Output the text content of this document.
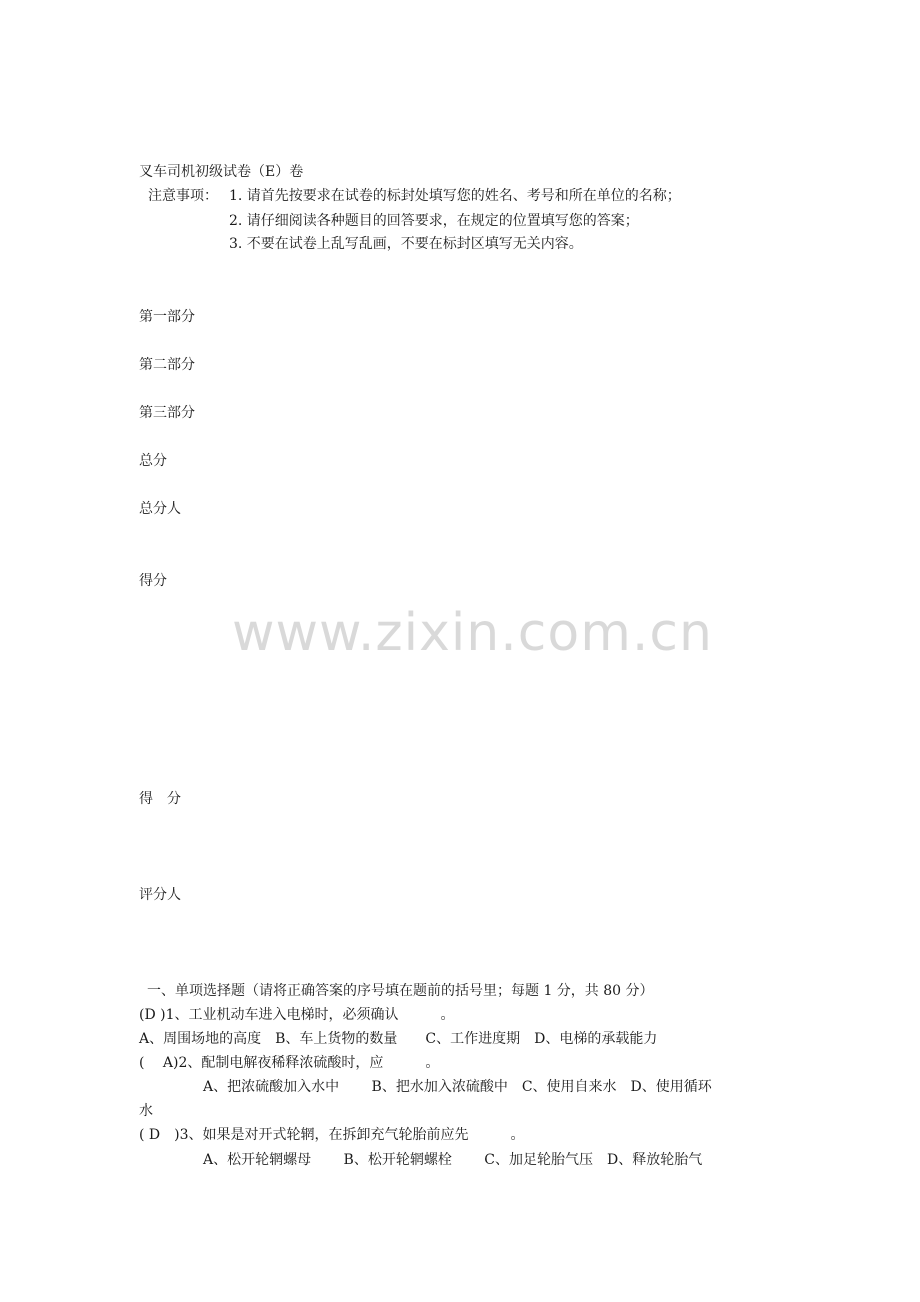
www.zixin.com.cn
叉车司机初级试卷（E）卷
注意事项： 1. 请首先按要求在试卷的标封处填写您的姓名、考号和所在单位的名称；
2. 请仔细阅读各种题目的回答要求，在规定的位置填写您的答案；
3. 不要在试卷上乱写乱画，不要在标封区填写无关内容。
第一部分
第二部分
第三部分
总分
总分人
得分
得　分
评分人
一、单项选择题（请将正确答案的序号填在题前的括号里；每题 1 分，共 80 分）
(D )1、工业机动车进入电梯时，必须确认　　　。
A、周围场地的高度　B、车上货物的数量　　C、工作进度期　D、电梯的承载能力
(　 A)2、配制电解夜稀释浓硫酸时，应　　　。
A、把浓硫酸加入水中　　 B、把水加入浓硫酸中　C、使用自来水　D、使用循环
水
( D　)3、如果是对开式轮辋，在拆卸充气轮胎前应先　　　。
A、松开轮辋螺母　　 B、松开轮辋螺栓　　 C、加足轮胎气压　D、释放轮胎气
